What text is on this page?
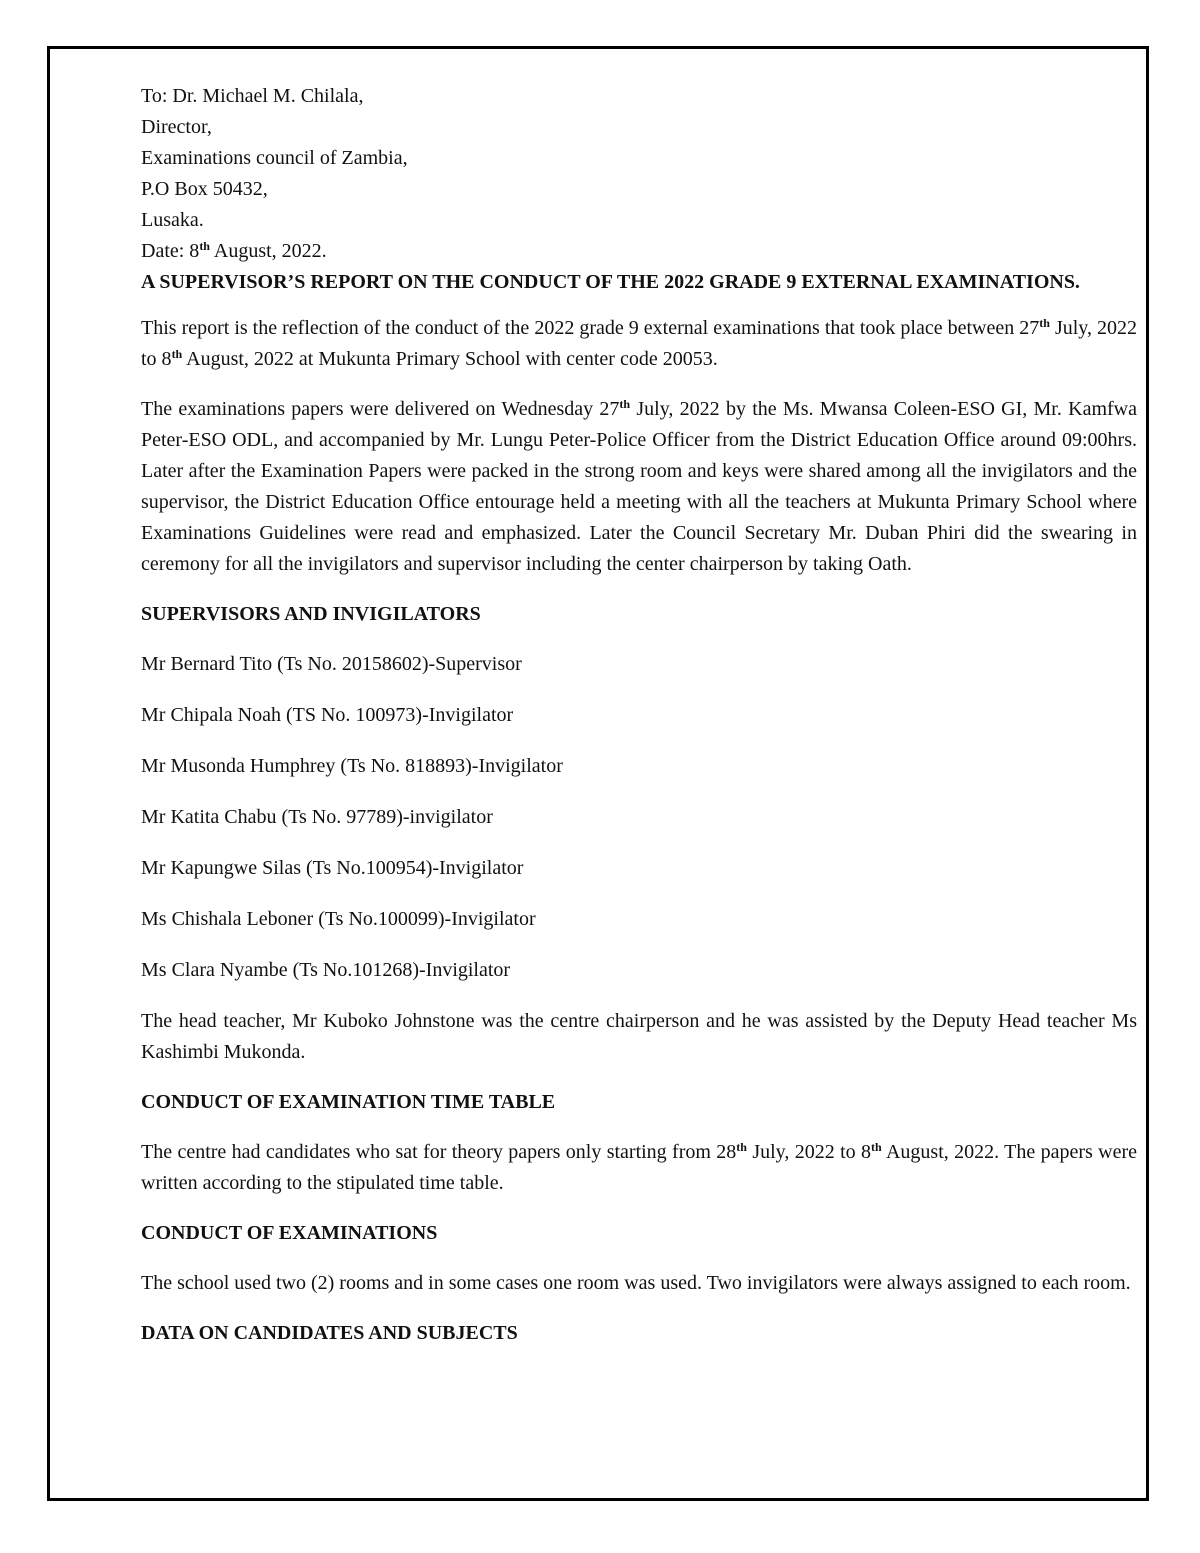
To: Dr. Michael M. Chilala,

Director,

Examinations council of Zambia,

P.O Box 50432,

Lusaka.

Date: 8th August, 2022.

A SUPERVISOR’S REPORT ON THE CONDUCT OF THE 2022 GRADE 9 EXTERNAL EXAMINATIONS.

This report is the reflection of the conduct of the 2022 grade 9 external examinations that took place between 27th July, 2022 to 8th August, 2022 at Mukunta Primary School with center code 20053.

The examinations papers were delivered on Wednesday 27th July, 2022 by the Ms. Mwansa Coleen-ESO GI, Mr. Kamfwa Peter-ESO ODL, and accompanied by Mr. Lungu Peter-Police Officer from the District Education Office around 09:00hrs. Later after the Examination Papers were packed in the strong room and keys were shared among all the invigilators and the supervisor, the District Education Office entourage held a meeting with all the teachers at Mukunta Primary School where Examinations Guidelines were read and emphasized. Later the Council Secretary Mr. Duban Phiri did the swearing in ceremony for all the invigilators and supervisor including the center chairperson by taking Oath.

SUPERVISORS AND INVIGILATORS

Mr Bernard Tito (Ts No. 20158602)-Supervisor

Mr Chipala Noah (TS No. 100973)-Invigilator

Mr Musonda Humphrey (Ts No. 818893)-Invigilator

Mr Katita Chabu (Ts No. 97789)-invigilator

Mr Kapungwe Silas (Ts No.100954)-Invigilator

Ms Chishala Leboner (Ts No.100099)-Invigilator

Ms Clara Nyambe (Ts No.101268)-Invigilator

The head teacher, Mr Kuboko Johnstone was the centre chairperson and he was assisted by the Deputy Head teacher Ms Kashimbi Mukonda.

CONDUCT OF EXAMINATION TIME TABLE

The centre had candidates who sat for theory papers only starting from 28th July, 2022 to 8th August, 2022. The papers were written according to the stipulated time table.

CONDUCT OF EXAMINATIONS

The school used two (2) rooms and in some cases one room was used. Two invigilators were always assigned to each room.

DATA ON CANDIDATES AND SUBJECTS
